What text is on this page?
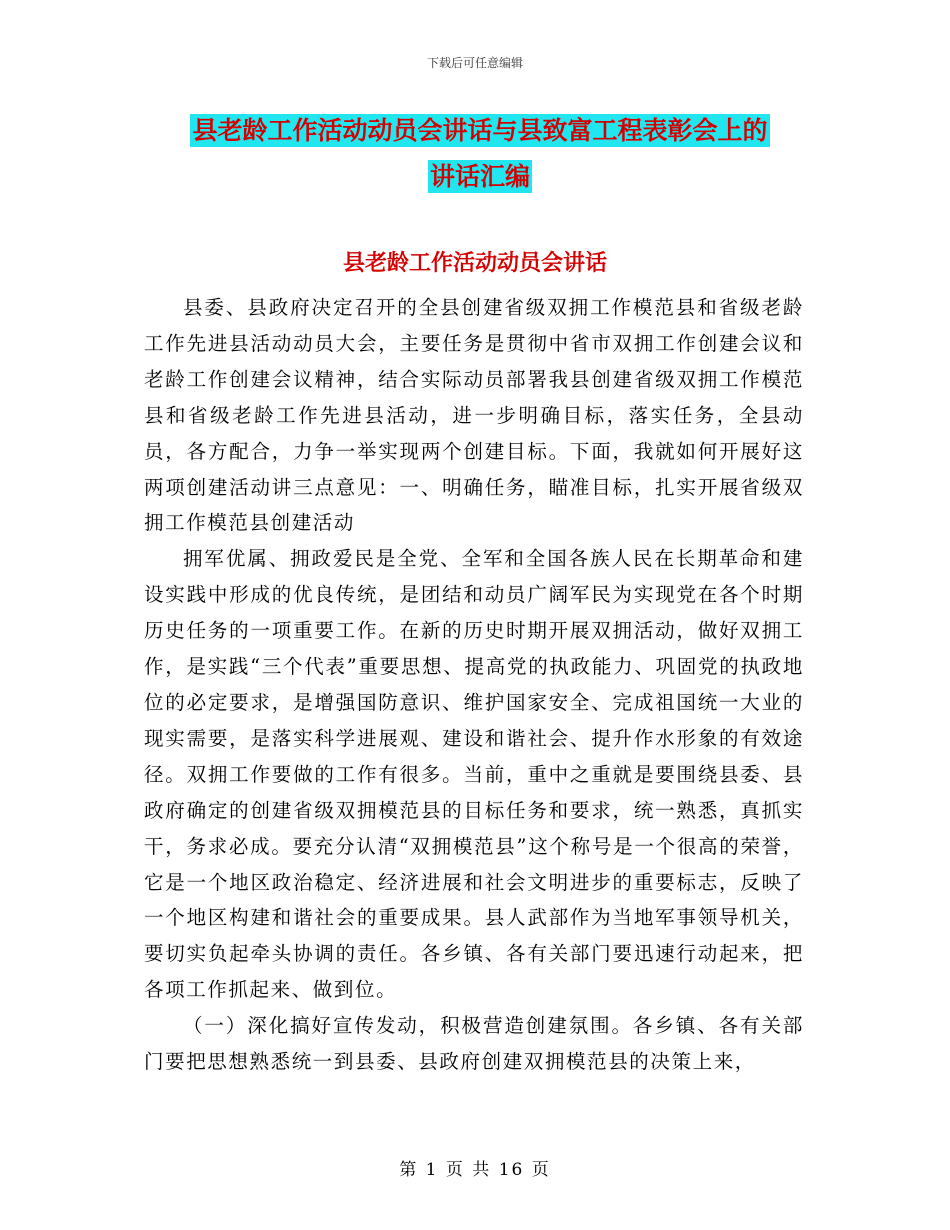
下载后可任意编辑
县老龄工作活动动员会讲话与县致富工程表彰会上的
讲话汇编
县老龄工作活动动员会讲话

县委、县政府决定召开的全县创建省级双拥工作模范县和省级老龄工作先进县活动动员大会，主要任务是贯彻中省市双拥工作创建会议和老龄工作创建会议精神，结合实际动员部署我县创建省级双拥工作模范县和省级老龄工作先进县活动，进一步明确目标，落实任务，全县动员，各方配合，力争一举实现两个创建目标。下面，我就如何开展好这两项创建活动讲三点意见：一、明确任务，瞄准目标，扎实开展省级双拥工作模范县创建活动

拥军优属、拥政爱民是全党、全军和全国各族人民在长期革命和建设实践中形成的优良传统，是团结和动员广阔军民为实现党在各个时期历史任务的一项重要工作。在新的历史时期开展双拥活动，做好双拥工作，是实践“三个代表”重要思想、提高党的执政能力、巩固党的执政地位的必定要求，是增强国防意识、维护国家安全、完成祖国统一大业的现实需要，是落实科学进展观、建设和谐社会、提升作水形象的有效途径。双拥工作要做的工作有很多。当前，重中之重就是要围绕县委、县政府确定的创建省级双拥模范县的目标任务和要求，统一熟悉，真抓实干，务求必成。要充分认清“双拥模范县”这个称号是一个很高的荣誉，它是一个地区政治稳定、经济进展和社会文明进步的重要标志，反映了一个地区构建和谐社会的重要成果。县人武部作为当地军事领导机关，要切实负起牵头协调的责任。各乡镇、各有关部门要迅速行动起来，把各项工作抓起来、做到位。

（一）深化搞好宣传发动，积极营造创建氛围。各乡镇、各有关部门要把思想熟悉统一到县委、县政府创建双拥模范县的决策上来，

第 1 页 共 16 页
